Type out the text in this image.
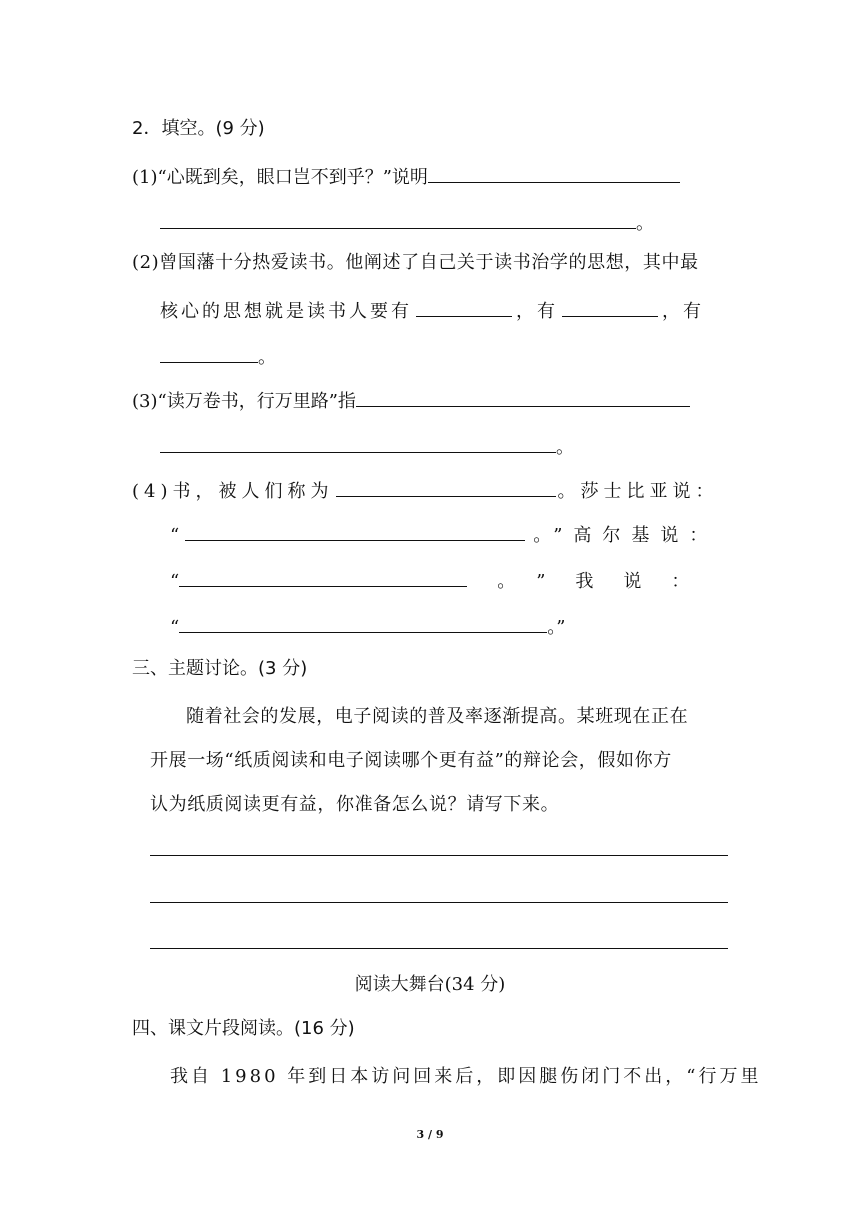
2．填空。(9 分)
(1)“心既到矣，眼口岂不到乎？”说明
。
(2)曾国藩十分热爱读书。他阐述了自己关于读书治学的思想，其中最
核心的思想就是读书人要有	，有	，有
。
(3)“读万卷书，行万里路”指
。
(4)书，被人们称为	。莎士比亚说：
“	。”高尔基说：
“	。”我说：
“	。”
三、主题讨论。(3 分)
随着社会的发展，电子阅读的普及率逐渐提高。某班现在正在
开展一场“纸质阅读和电子阅读哪个更有益”的辩论会，假如你方
认为纸质阅读更有益，你准备怎么说？请写下来。
阅读大舞台(34 分)
四、课文片段阅读。(16 分)
我自 1980 年到日本访问回来后，即因腿伤闭门不出，“行万里
3 / 9
